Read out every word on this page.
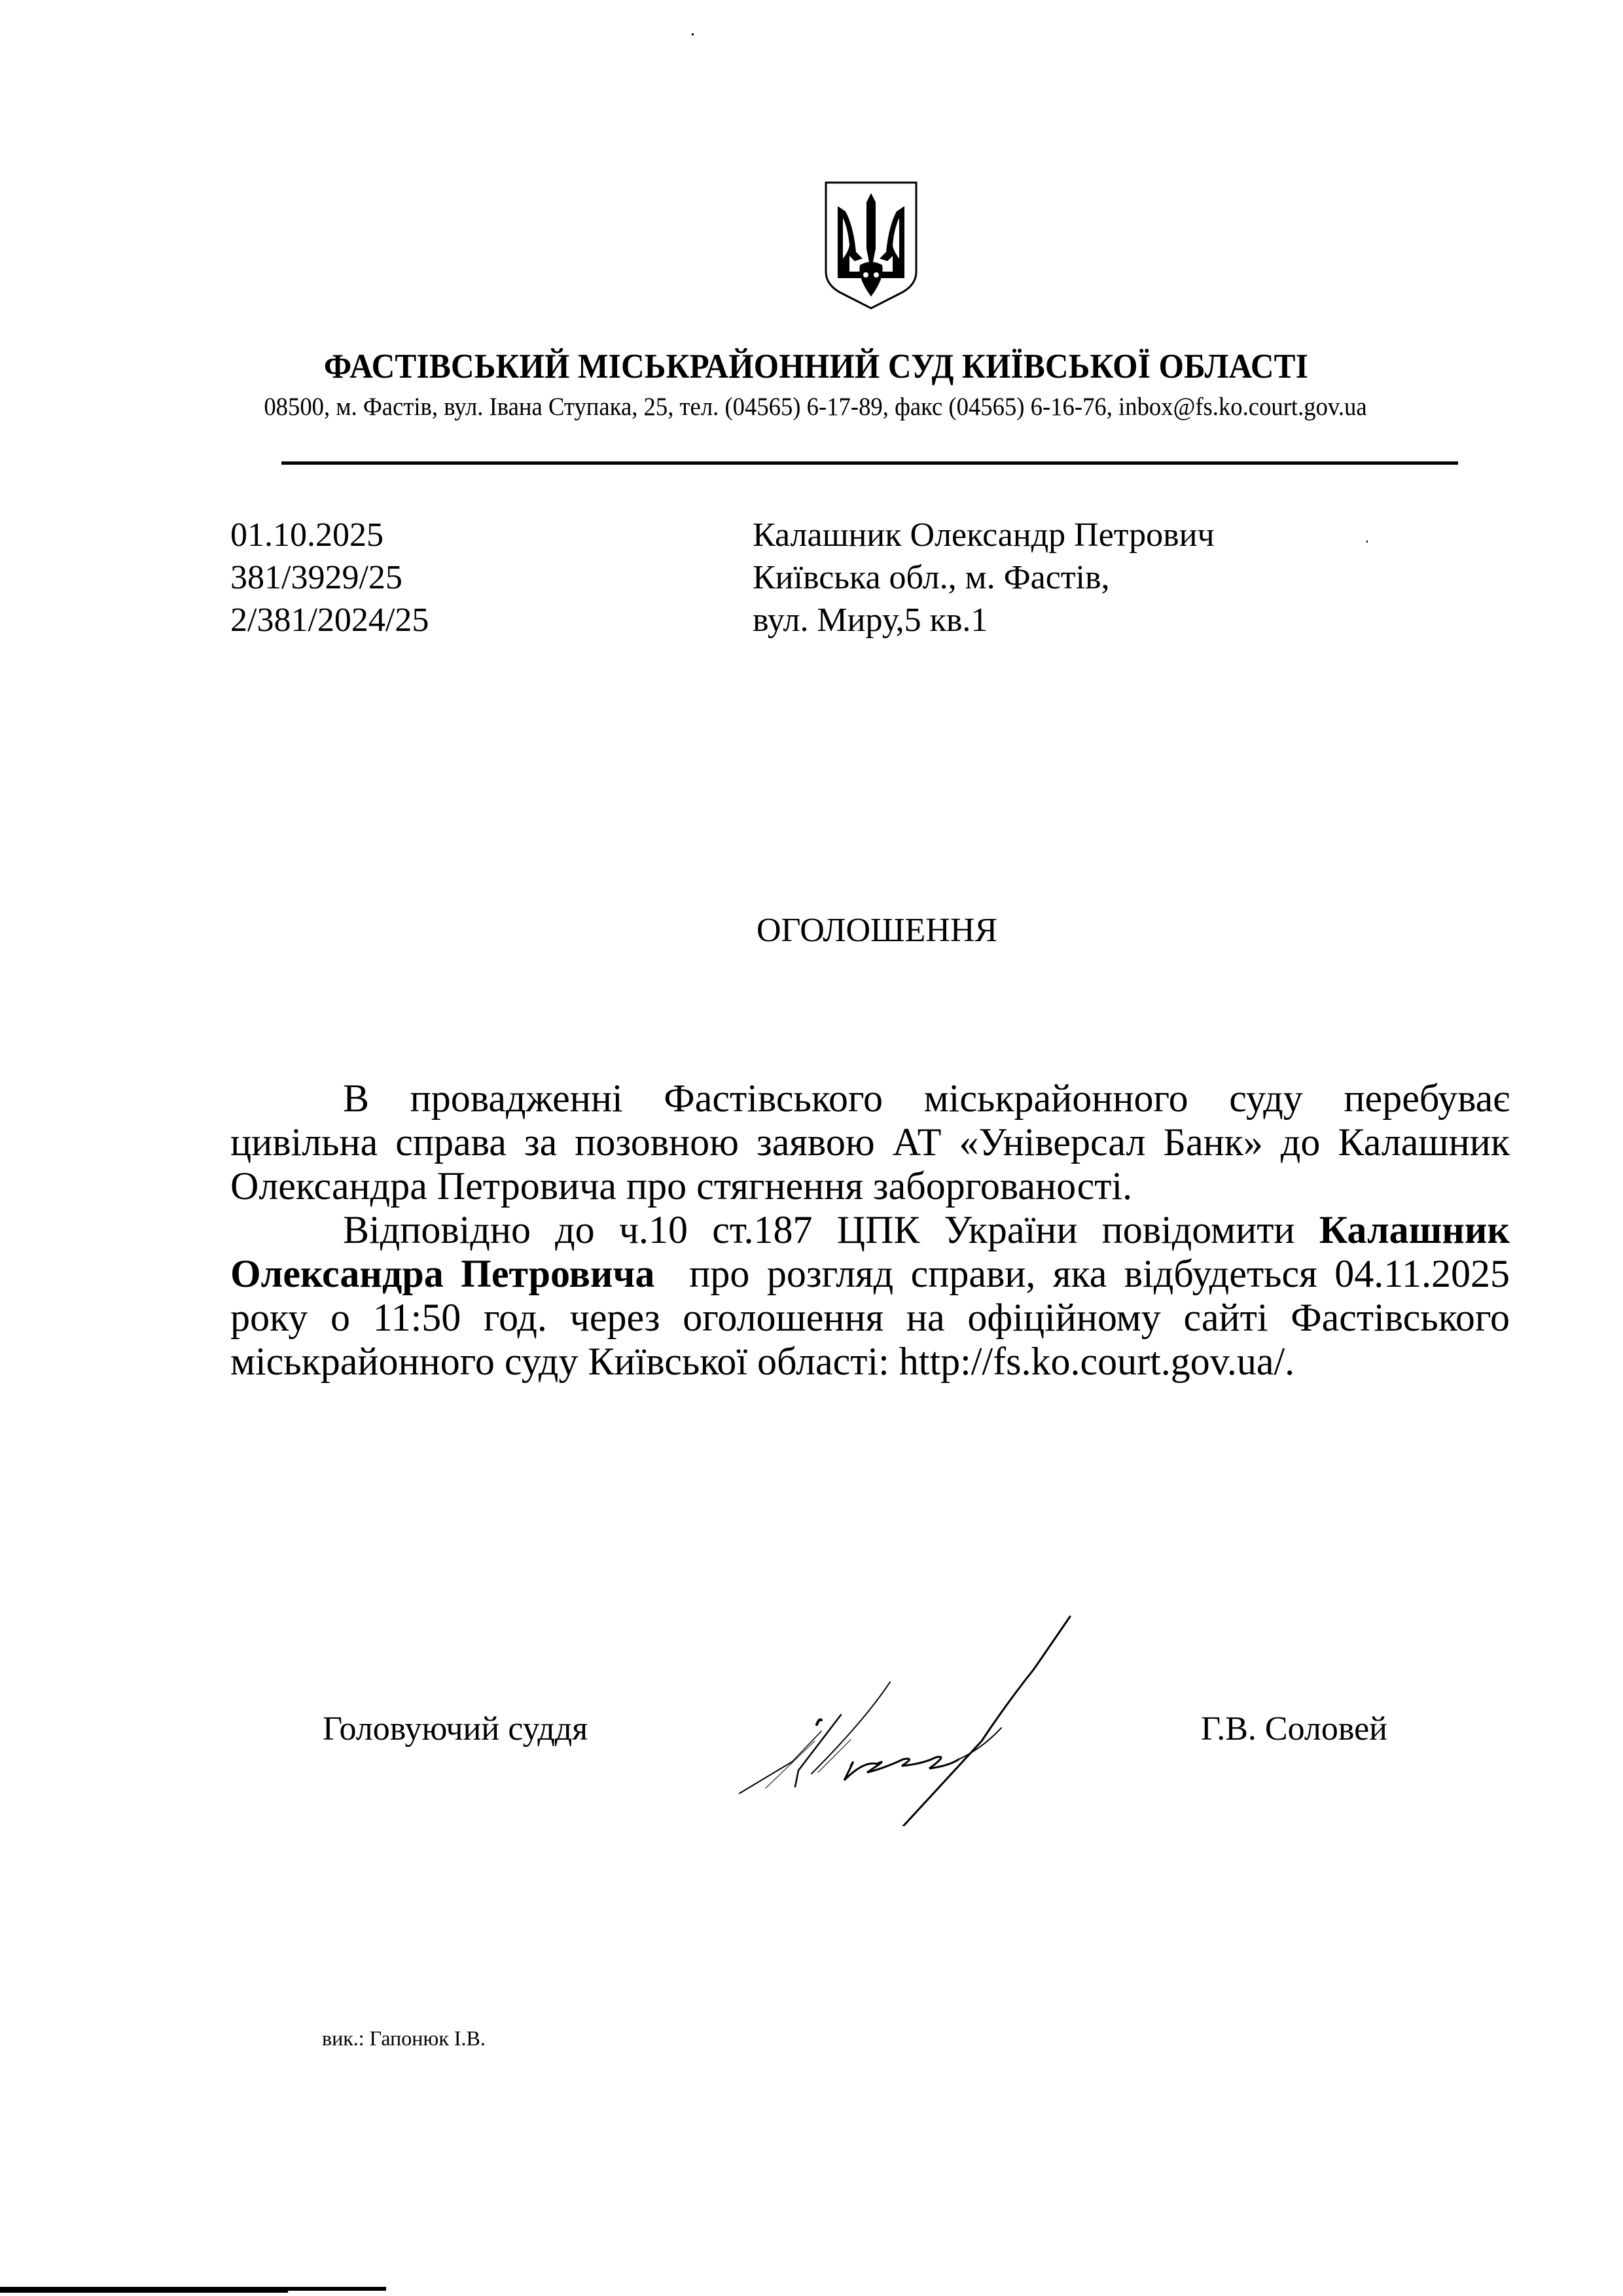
ФАСТІВСЬКИЙ МІСЬКРАЙОННИЙ СУД КИЇВСЬКОЇ ОБЛАСТІ
08500, м. Фастів, вул. Івана Ступака, 25, тел. (04565) 6-17-89, факс (04565) 6-16-76, inbox@fs.ko.court.gov.ua
01.10.2025
381/3929/25
2/381/2024/25
Калашник Олександр Петрович
Київська обл., м. Фастів,
вул. Миру,5 кв.1
ОГОЛОШЕННЯ

В провадженні Фастівського міськрайонного суду перебуває цивільна справа за позовною заявою АТ «Універсал Банк» до Калашник Олександра Петровича про стягнення заборгованості.

Відповідно до ч.10 ст.187 ЦПК України повідомити Калашник Олександра Петровича  про розгляд справи, яка відбудеться 04.11.2025 року о 11:50 год. через оголошення на офіційному сайті Фастівського міськрайонного суду Київської області: http://fs.ko.court.gov.ua/.

Головуючий суддя	Г.В. Соловей
вик.: Гапонюк І.В.
